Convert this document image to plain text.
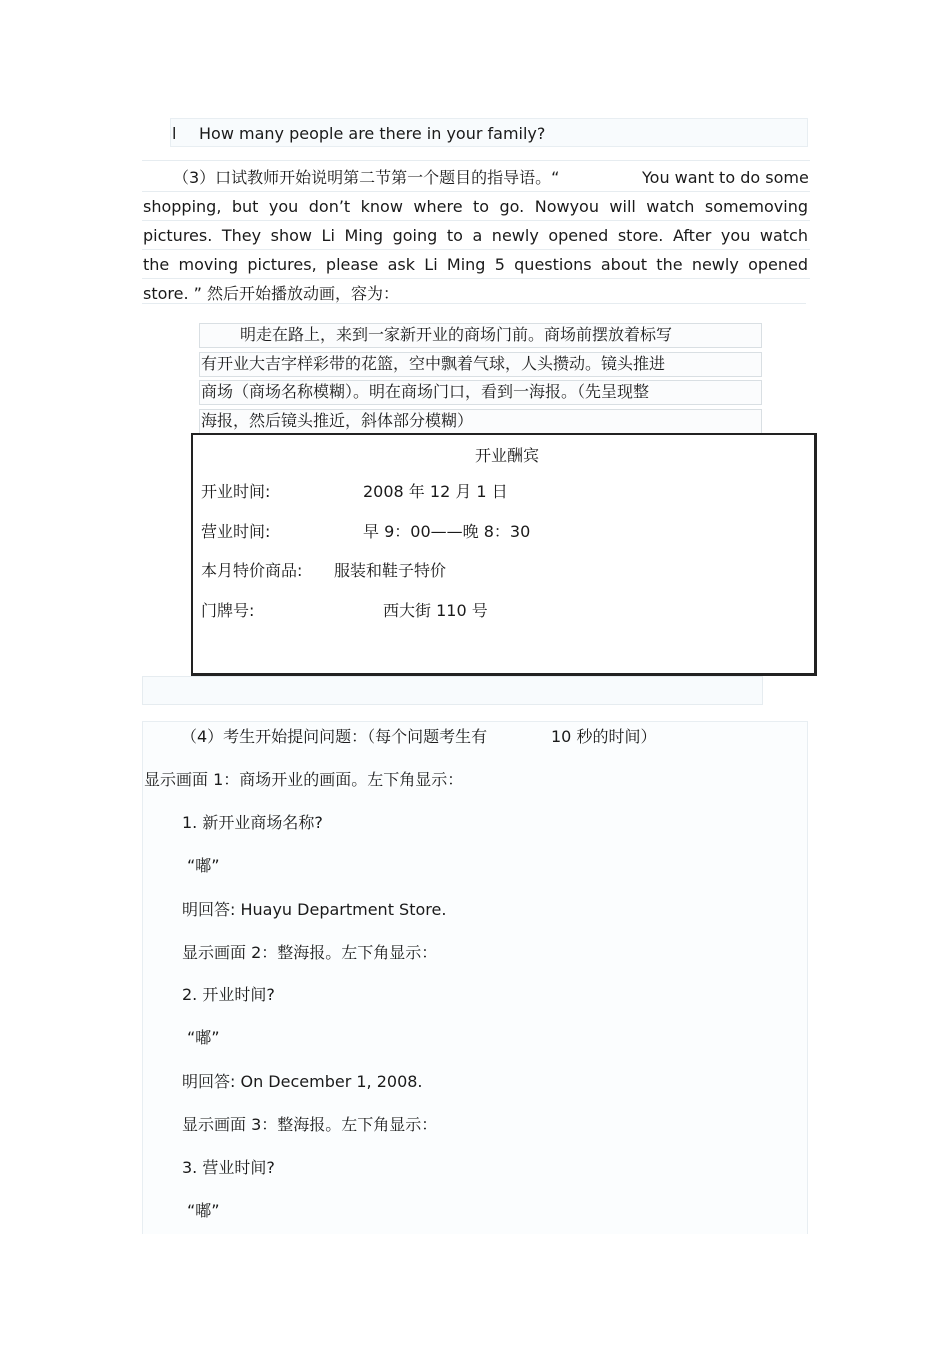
l How many people are there in your family?
（3）口试教师开始说明第二节第一个题目的指导语。“	You want to do some
shopping, but you don’t know where to go. Nowyou will watch somemoving
pictures. They show Li Ming going to a newly opened store. After you watch
the moving pictures, please ask Li Ming 5 questions about the newly opened
store. ” 然后开始播放动画，容为：
明走在路上，来到一家新开业的商场门前。商场前摆放着标写
有开业大吉字样彩带的花篮，空中飘着气球，人头攒动。镜头推进
商场（商场名称模糊）。明在商场门口，看到一海报。（先呈现整
海报，然后镜头推近，斜体部分模糊）
开业酬宾
开业时间:	2008 年 12 月 1 日
营业时间:	早 9：00——晚 8：30
本月特价商品: 服装和鞋子特价
门牌号:	西大街 110 号
（4）考生开始提问问题：（每个问题考生有	10 秒的时间）
显示画面 1：商场开业的画面。左下角显示：
1. 新开业商场名称?
“嘟”
明回答: Huayu Department Store.
显示画面 2：整海报。左下角显示：
2. 开业时间?
“嘟”
明回答: On December 1, 2008.
显示画面 3：整海报。左下角显示：
3. 营业时间?
“嘟”
